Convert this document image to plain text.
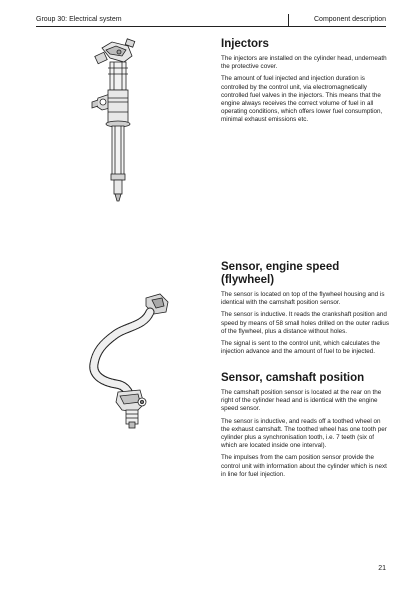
Group 30: Electrical system	Component description
Injectors

The injectors are installed on the cylinder head, underneath the protective cover.

The amount of fuel injected and injection duration is controlled by the control unit, via electromagnetically controlled fuel valves in the injectors. This means that the engine always receives the correct volume of fuel in all operating conditions, which offers lower fuel consumption, minimal exhaust emissions etc.

Sensor, engine speed (flywheel)

The sensor is located on top of the flywheel housing and is identical with the camshaft position sensor.

The sensor is inductive. It reads the crankshaft position and speed by means of 58 small holes drilled on the outer radius of the flywheel, plus a distance without holes.

The signal is sent to the control unit, which calculates the injection advance and the amount of fuel to be injected.

Sensor, camshaft position

The camshaft position sensor is located at the rear on the right of the cylinder head and is identical with the engine speed sensor.

The sensor is inductive, and reads off a toothed wheel on the exhaust camshaft. The toothed wheel has one tooth per cylinder plus a synchronisation tooth, i.e. 7 teeth (six of which are located inside one interval).

The impulses from the cam position sensor provide the control unit with information about the cylinder which is next in line for fuel injection.

21
